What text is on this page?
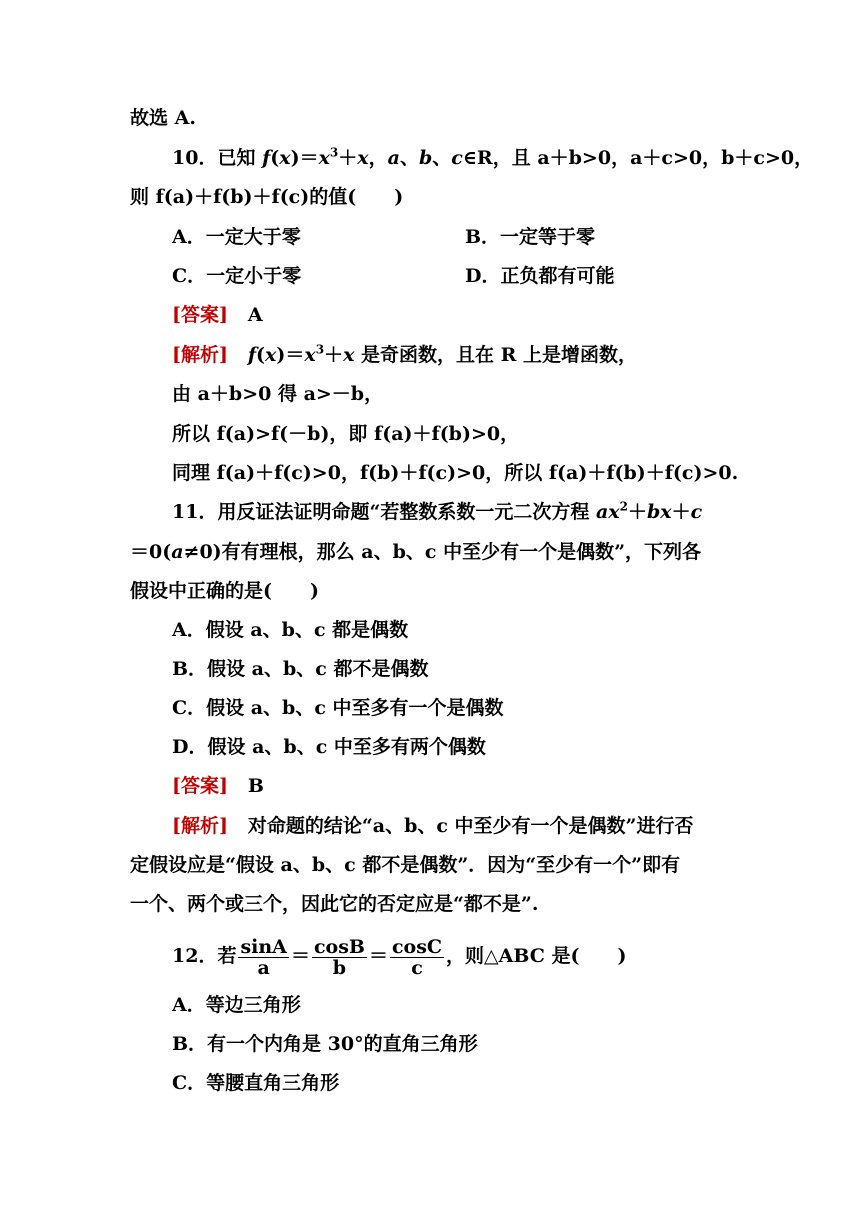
故选 A.
10．已知 $f(x)=x^3+x$，a、b、c∈R，且 a＋b>0，a＋c>0，b＋c>0，
则 f(a)＋f(b)＋f(c)的值(　　)
A．一定大于零	B．一定等于零
C．一定小于零	D．正负都有可能
[答案] A
[解析] $f(x)=x^3+x$ 是奇函数，且在 R 上是增函数，
由 a＋b>0 得 a>－b，
所以 f(a)>f(－b)，即 f(a)＋f(b)>0，
同理 f(a)＋f(c)>0，f(b)＋f(c)>0，所以 f(a)＋f(b)＋f(c)>0.
11．用反证法证明命题“若整数系数一元二次方程 $ax^2+bx+c$
＝0(a≠0)有有理根，那么 a、b、c 中至少有一个是偶数”，下列各
假设中正确的是(　　)
A．假设 a、b、c 都是偶数
B．假设 a、b、c 都不是偶数
C．假设 a、b、c 中至多有一个是偶数
D．假设 a、b、c 中至多有两个偶数
[答案] B
[解析] 对命题的结论“a、b、c 中至少有一个是偶数”进行否
定假设应是“假设 a、b、c 都不是偶数”．因为“至少有一个”即有
一个、两个或三个，因此它的否定应是“都不是”.
12．若 $\frac{\sin A}{a} = \frac{\cos B}{b} = \frac{\cos C}{c}$ ，则△ABC 是(　　)
A．等边三角形
B．有一个内角是 30°的直角三角形
C．等腰直角三角形
